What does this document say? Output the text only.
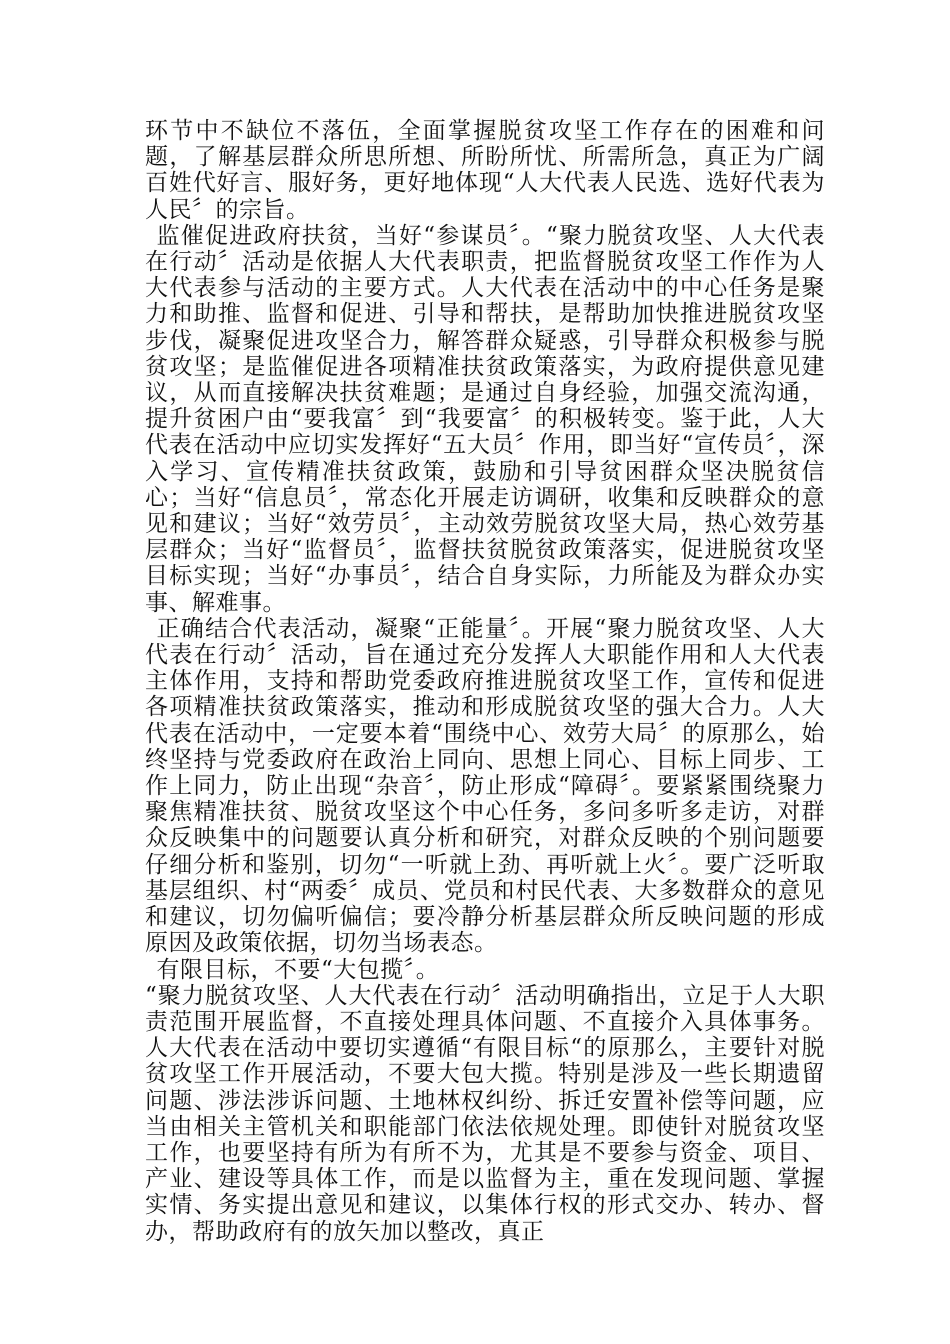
环节中不缺位不落伍，全面掌握脱贫攻坚工作存在的困难和问题，了解基层群众所思所想、所盼所忧、所需所急，真正为广阔百姓代好言、服好务，更好地体现“人大代表人民选、选好代表为人民〞的宗旨。

监催促进政府扶贫，当好“参谋员〞。“聚力脱贫攻坚、人大代表在行动〞活动是依据人大代表职责，把监督脱贫攻坚工作作为人大代表参与活动的主要方式。人大代表在活动中的中心任务是聚力和助推、监督和促进、引导和帮扶，是帮助加快推进脱贫攻坚步伐，凝聚促进攻坚合力，解答群众疑惑，引导群众积极参与脱贫攻坚；是监催促进各项精准扶贫政策落实，为政府提供意见建议，从而直接解决扶贫难题；是通过自身经验，加强交流沟通，提升贫困户由“要我富〞到“我要富〞的积极转变。鉴于此，人大代表在活动中应切实发挥好“五大员〞作用，即当好“宣传员〞，深入学习、宣传精准扶贫政策，鼓励和引导贫困群众坚决脱贫信心；当好“信息员〞，常态化开展走访调研，收集和反映群众的意见和建议；当好“效劳员〞，主动效劳脱贫攻坚大局，热心效劳基层群众；当好“监督员〞，监督扶贫脱贫政策落实，促进脱贫攻坚目标实现；当好“办事员〞，结合自身实际，力所能及为群众办实事、解难事。

正确结合代表活动，凝聚“正能量〞。开展“聚力脱贫攻坚、人大代表在行动〞活动，旨在通过充分发挥人大职能作用和人大代表主体作用，支持和帮助党委政府推进脱贫攻坚工作，宣传和促进各项精准扶贫政策落实，推动和形成脱贫攻坚的强大合力。人大代表在活动中，一定要本着“围绕中心、效劳大局〞的原那么，始终坚持与党委政府在政治上同向、思想上同心、目标上同步、工作上同力，防止出现“杂音〞，防止形成“障碍〞。要紧紧围绕聚力聚焦精准扶贫、脱贫攻坚这个中心任务，多问多听多走访，对群众反映集中的问题要认真分析和研究，对群众反映的个别问题要仔细分析和鉴别，切勿“一听就上劲、再听就上火〞。要广泛听取基层组织、村“两委〞成员、党员和村民代表、大多数群众的意见和建议，切勿偏听偏信；要冷静分析基层群众所反映问题的形成原因及政策依据，切勿当场表态。

有限目标，不要“大包揽〞。

“聚力脱贫攻坚、人大代表在行动〞活动明确指出，立足于人大职责范围开展监督，不直接处理具体问题、不直接介入具体事务。人大代表在活动中要切实遵循“有限目标“的原那么，主要针对脱贫攻坚工作开展活动，不要大包大揽。特别是涉及一些长期遗留问题、涉法涉诉问题、土地林权纠纷、拆迁安置补偿等问题，应当由相关主管机关和职能部门依法依规处理。即使针对脱贫攻坚工作，也要坚持有所为有所不为，尤其是不要参与资金、项目、产业、建设等具体工作，而是以监督为主，重在发现问题、掌握实情、务实提出意见和建议，以集体行权的形式交办、转办、督办，帮助政府有的放矢加以整改，真正
